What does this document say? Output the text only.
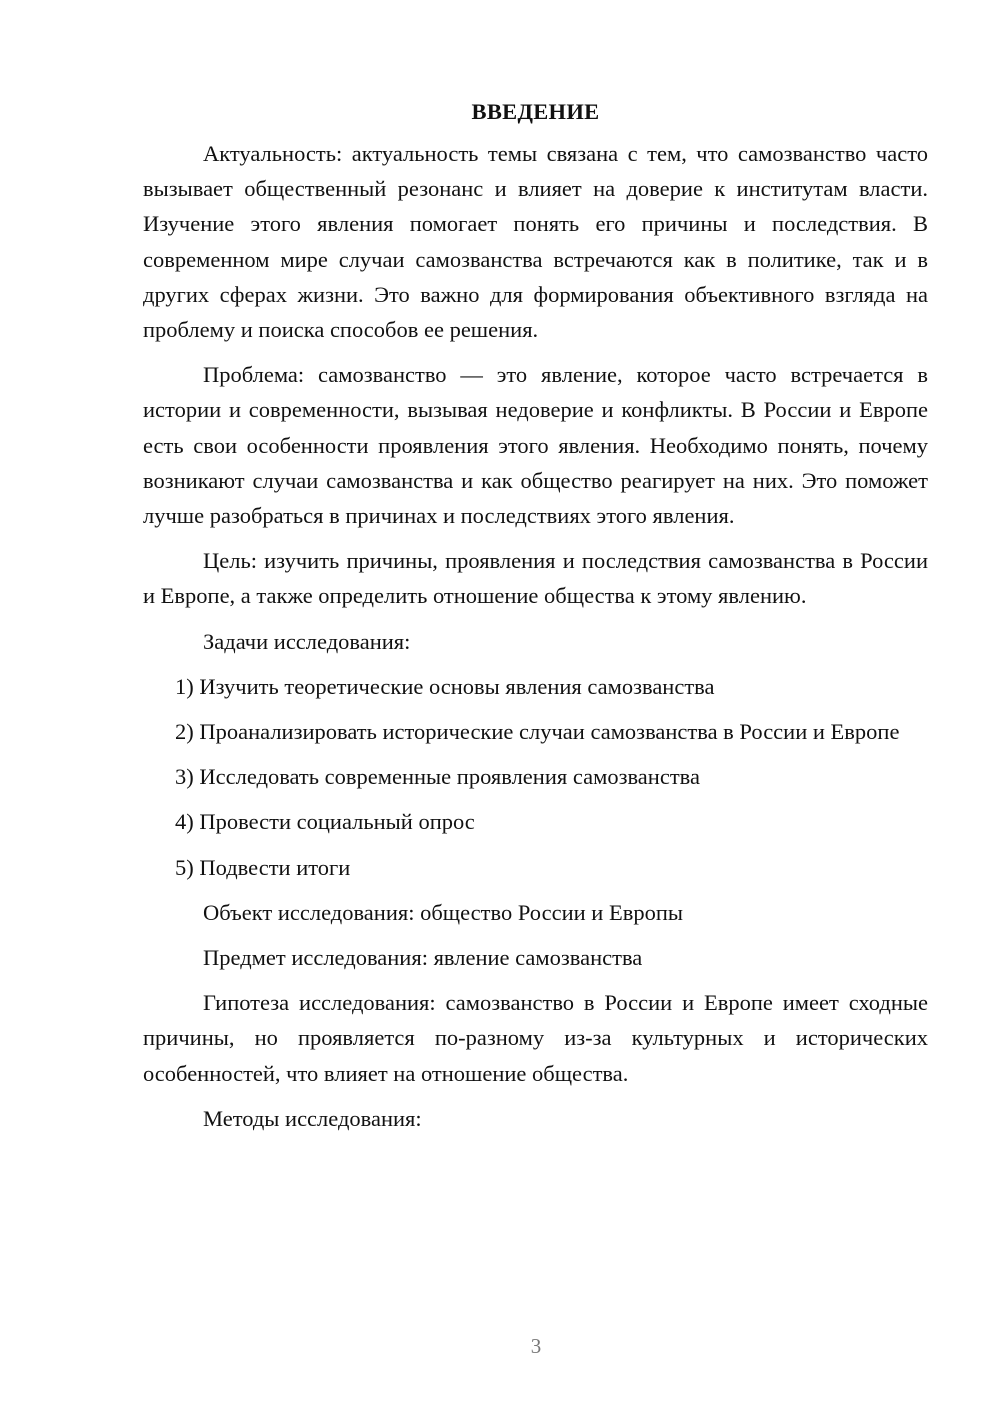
ВВЕДЕНИЕ

Актуальность: актуальность темы связана с тем, что самозванство часто вызывает общественный резонанс и влияет на доверие к институтам власти. Изучение этого явления помогает понять его причины и последствия. В современном мире случаи самозванства встречаются как в политике, так и в других сферах жизни. Это важно для формирования объективного взгляда на проблему и поиска способов ее решения.

Проблема: самозванство — это явление, которое часто встречается в истории и современности, вызывая недоверие и конфликты. В России и Европе есть свои особенности проявления этого явления. Необходимо понять, почему возникают случаи самозванства и как общество реагирует на них. Это поможет лучше разобраться в причинах и последствиях этого явления.

Цель: изучить причины, проявления и последствия самозванства в России и Европе, а также определить отношение общества к этому явлению.

Задачи исследования:

1) Изучить теоретические основы явления самозванства

2) Проанализировать исторические случаи самозванства в России и Европе

3) Исследовать современные проявления самозванства

4) Провести социальный опрос

5) Подвести итоги

Объект исследования: общество России и Европы

Предмет исследования: явление самозванства

Гипотеза исследования: самозванство в России и Европе имеет сходные причины, но проявляется по-разному из-за культурных и исторических особенностей, что влияет на отношение общества.

Методы исследования:

3
